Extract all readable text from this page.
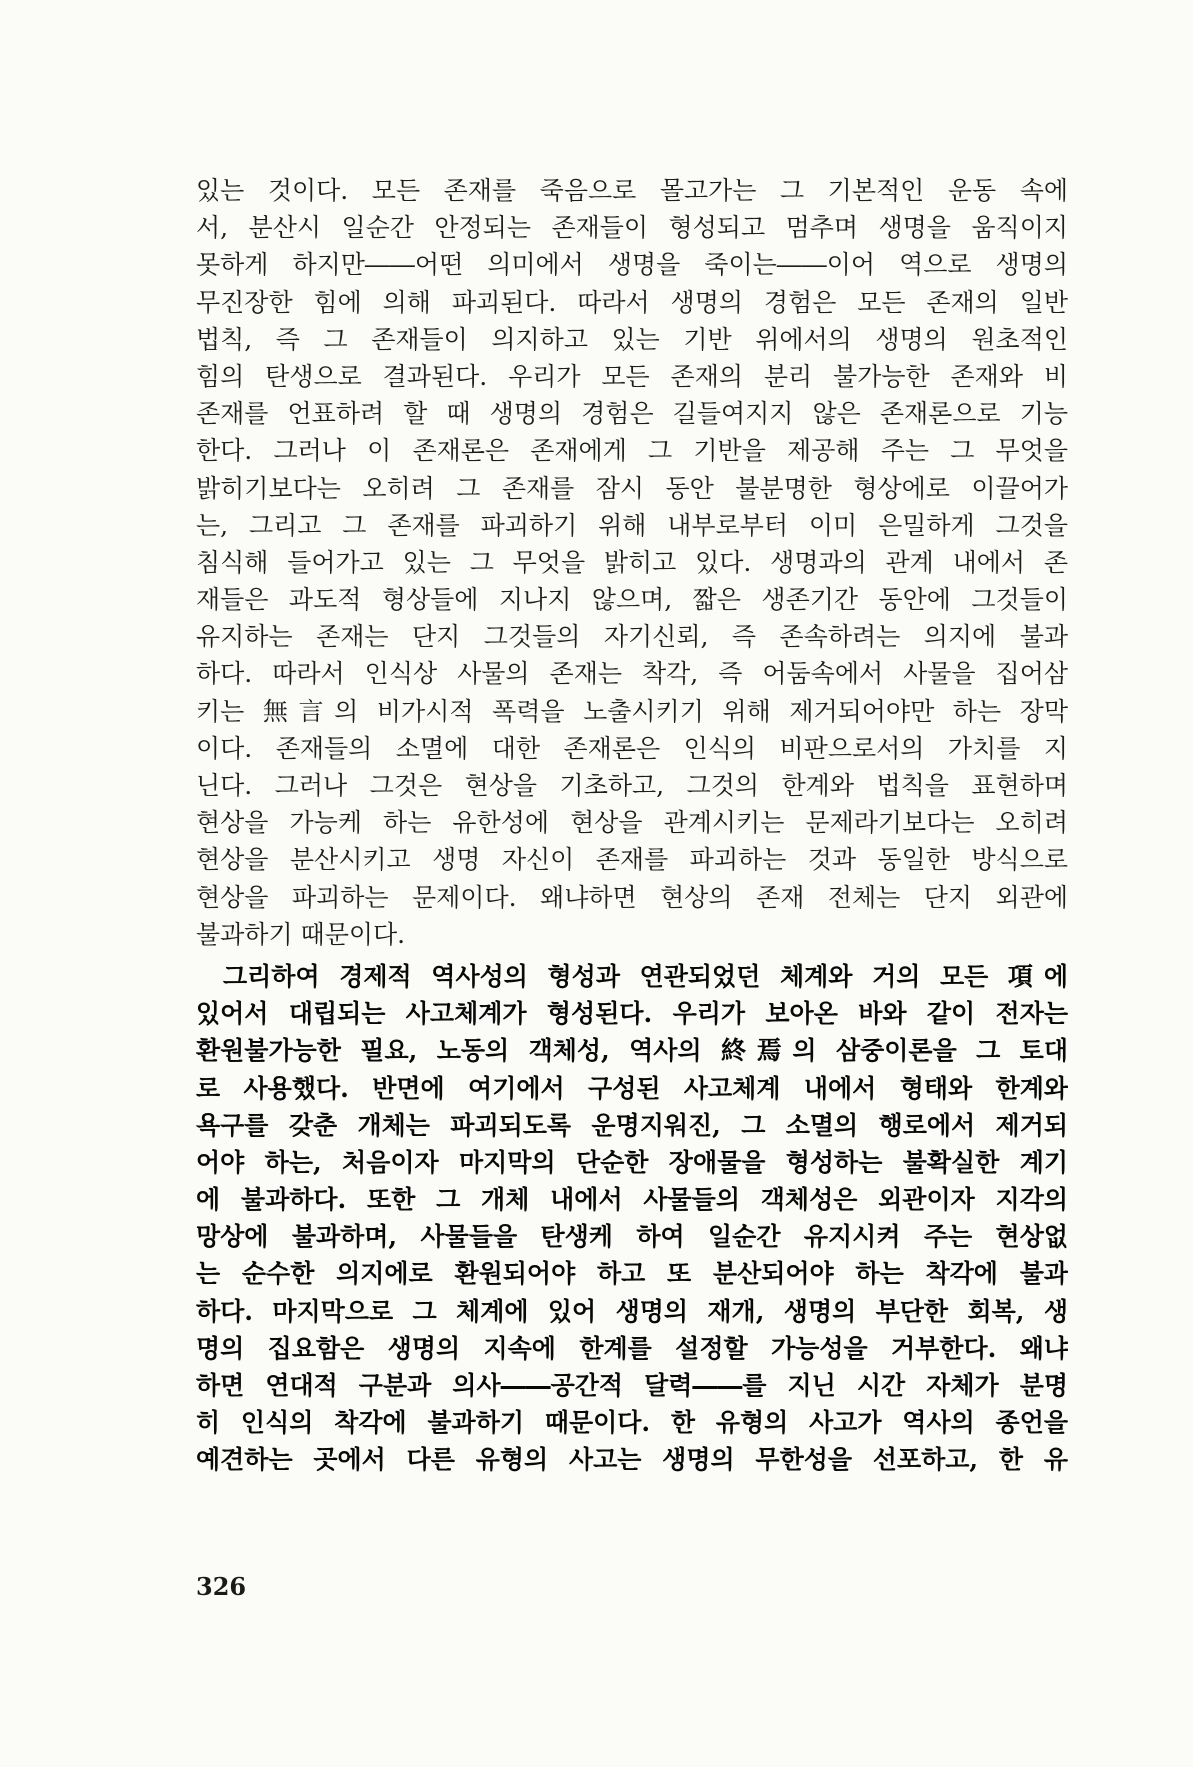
있는 것이다. 모든 존재를 죽음으로 몰고가는 그 기본적인 운동 속에
서, 분산시 일순간 안정되는 존재들이 형성되고 멈추며 생명을 움직이지
못하게 하지만――어떤 의미에서 생명을 죽이는――이어 역으로 생명의
무진장한 힘에 의해 파괴된다. 따라서 생명의 경험은 모든 존재의 일반
법칙, 즉 그 존재들이 의지하고 있는 기반 위에서의 생명의 원초적인
힘의 탄생으로 결과된다. 우리가 모든 존재의 분리 불가능한 존재와 비
존재를 언표하려 할 때 생명의 경험은 길들여지지 않은 존재론으로 기능
한다. 그러나 이 존재론은 존재에게 그 기반을 제공해 주는 그 무엇을
밝히기보다는 오히려 그 존재를 잠시 동안 불분명한 형상에로 이끌어가
는, 그리고 그 존재를 파괴하기 위해 내부로부터 이미 은밀하게 그것을
침식해 들어가고 있는 그 무엇을 밝히고 있다. 생명과의 관계 내에서 존
재들은 과도적 형상들에 지나지 않으며, 짧은 생존기간 동안에 그것들이
유지하는 존재는 단지 그것들의 자기신뢰, 즉 존속하려는 의지에 불과
하다. 따라서 인식상 사물의 존재는 착각, 즉 어둠속에서 사물을 집어삼
키는 無言의 비가시적 폭력을 노출시키기 위해 제거되어야만 하는 장막
이다. 존재들의 소멸에 대한 존재론은 인식의 비판으로서의 가치를 지
닌다. 그러나 그것은 현상을 기초하고, 그것의 한계와 법칙을 표현하며
현상을 가능케 하는 유한성에 현상을 관계시키는 문제라기보다는 오히려
현상을 분산시키고 생명 자신이 존재를 파괴하는 것과 동일한 방식으로
현상을 파괴하는 문제이다. 왜냐하면 현상의 존재 전체는 단지 외관에
불과하기 때문이다.
그리하여 경제적 역사성의 형성과 연관되었던 체계와 거의 모든 項에
있어서 대립되는 사고체계가 형성된다. 우리가 보아온 바와 같이 전자는
환원불가능한 필요, 노동의 객체성, 역사의 終焉의 삼중이론을 그 토대
로 사용했다. 반면에 여기에서 구성된 사고체계 내에서 형태와 한계와
욕구를 갖춘 개체는 파괴되도록 운명지워진, 그 소멸의 행로에서 제거되
어야 하는, 처음이자 마지막의 단순한 장애물을 형성하는 불확실한 계기
에 불과하다. 또한 그 개체 내에서 사물들의 객체성은 외관이자 지각의
망상에 불과하며, 사물들을 탄생케 하여 일순간 유지시켜 주는 현상없
는 순수한 의지에로 환원되어야 하고 또 분산되어야 하는 착각에 불과
하다. 마지막으로 그 체계에 있어 생명의 재개, 생명의 부단한 회복, 생
명의 집요함은 생명의 지속에 한계를 설정할 가능성을 거부한다. 왜냐
하면 연대적 구분과 의사――공간적 달력――를 지닌 시간 자체가 분명
히 인식의 착각에 불과하기 때문이다. 한 유형의 사고가 역사의 종언을
예견하는 곳에서 다른 유형의 사고는 생명의 무한성을 선포하고, 한 유
326
